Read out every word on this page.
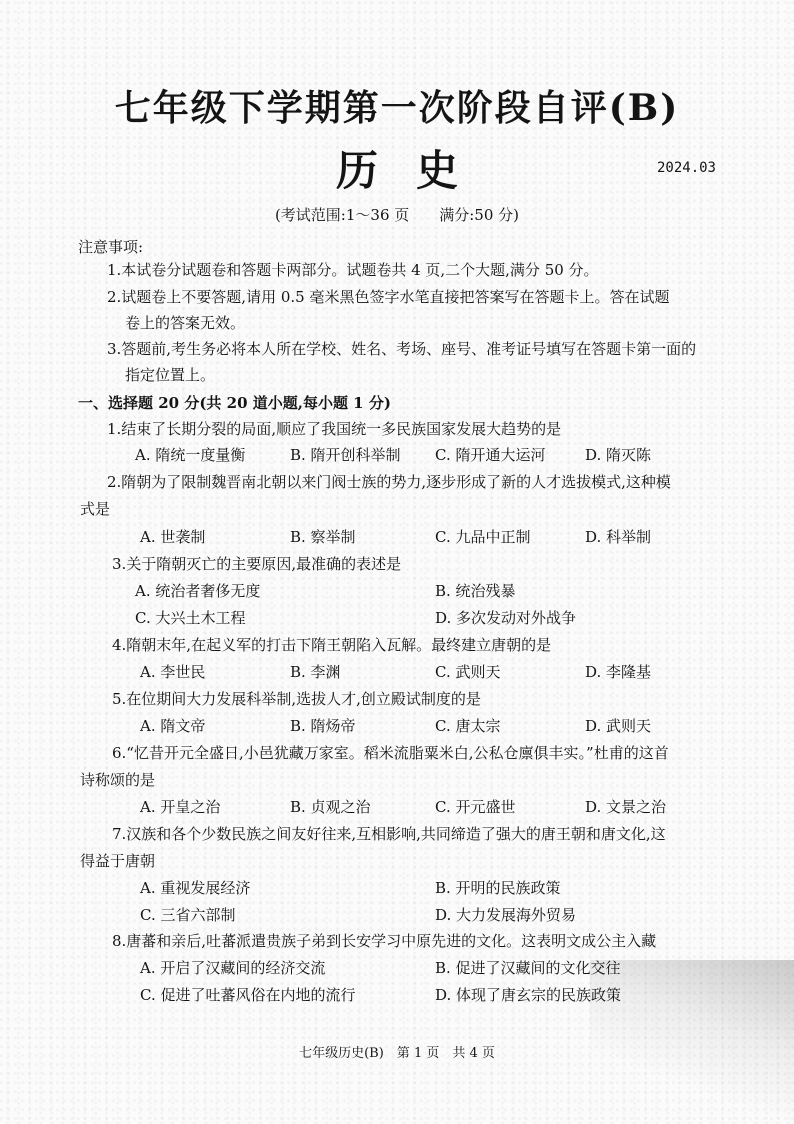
七年级下学期第一次阶段自评(B)
历史	2024.03
(考试范围:1～36 页　　满分:50 分)
注意事项:
1.本试卷分试题卷和答题卡两部分。试题卷共 4 页,二个大题,满分 50 分。
2.试题卷上不要答题,请用 0.5 毫米黑色签字水笔直接把答案写在答题卡上。答在试题
卷上的答案无效。
3.答题前,考生务必将本人所在学校、姓名、考场、座号、准考证号填写在答题卡第一面的
指定位置上。
一、选择题 20 分(共 20 道小题,每小题 1 分)
1.结束了长期分裂的局面,顺应了我国统一多民族国家发展大趋势的是
A. 隋统一度量衡	B. 隋开创科举制 C. 隋开通大运河	D. 隋灭陈
2.隋朝为了限制魏晋南北朝以来门阀士族的势力,逐步形成了新的人才选拔模式,这种模
式是
A. 世袭制	B. 察举制	C. 九品中正制	D. 科举制
3.关于隋朝灭亡的主要原因,最准确的表述是
A. 统治者奢侈无度	B. 统治残暴
C. 大兴土木工程	D. 多次发动对外战争
4.隋朝末年,在起义军的打击下隋王朝陷入瓦解。最终建立唐朝的是
A. 李世民	B. 李渊	C. 武则天	D. 李隆基
5.在位期间大力发展科举制,选拔人才,创立殿试制度的是
A. 隋文帝	B. 隋炀帝	C. 唐太宗	D. 武则天
6.“忆昔开元全盛日,小邑犹藏万家室。稻米流脂粟米白,公私仓廪俱丰实。”杜甫的这首
诗称颂的是
A. 开皇之治	B. 贞观之治	C. 开元盛世	D. 文景之治
7.汉族和各个少数民族之间友好往来,互相影响,共同缔造了强大的唐王朝和唐文化,这
得益于唐朝
A. 重视发展经济	B. 开明的民族政策
C. 三省六部制	D. 大力发展海外贸易
8.唐蕃和亲后,吐蕃派遣贵族子弟到长安学习中原先进的文化。这表明文成公主入藏
A. 开启了汉藏间的经济交流	B. 促进了汉藏间的文化交往
C. 促进了吐蕃风俗在内地的流行	D. 体现了唐玄宗的民族政策
七年级历史(B)　第 1 页　共 4 页
